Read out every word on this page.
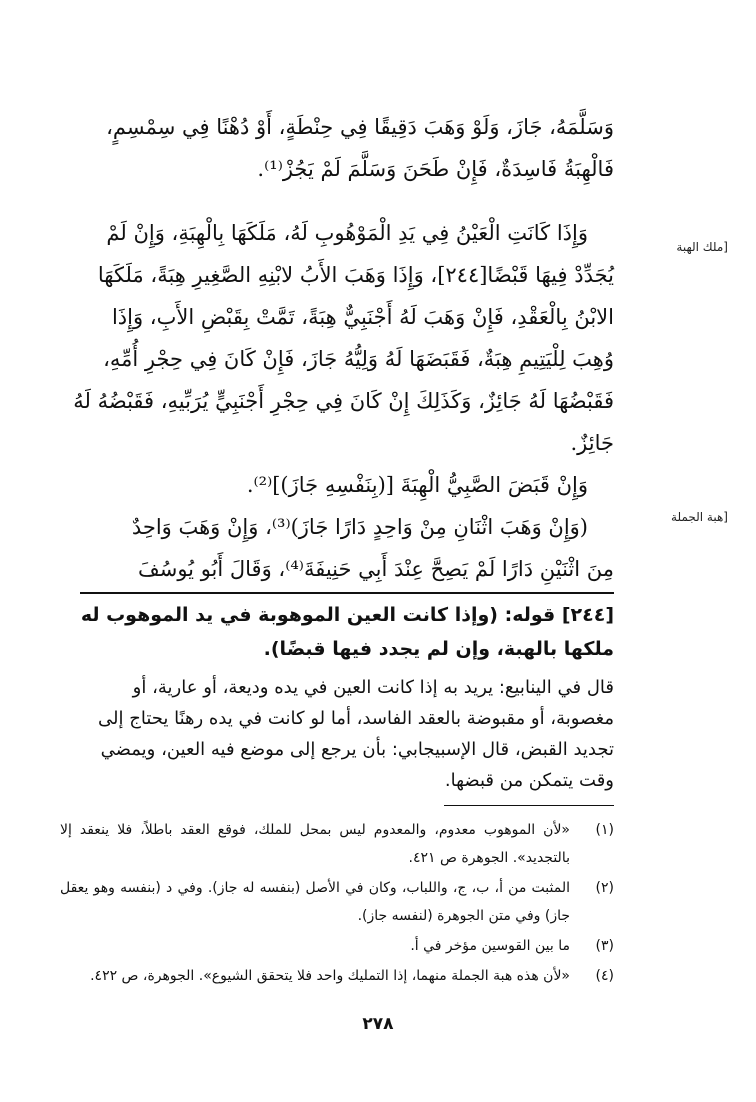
وَسَلَّمَهُ، جَازَ، وَلَوْ وَهَبَ دَقِيقًا فِي حِنْطَةٍ، أَوْ دُهْنًا فِي سِمْسِمٍ،
فَالْهِبَةُ فَاسِدَةٌ، فَإِنْ طَحَنَ وَسَلَّمَ لَمْ يَجُزْ⁽¹⁾.
وَإِذَا كَانَتِ الْعَيْنُ فِي يَدِ الْمَوْهُوبِ لَهُ، مَلَكَهَا بِالْهِبَةِ، وَإِنْ لَمْ
يُجَدِّدْ فِيهَا قَبْضًا[٢٤٤]، وَإِذَا وَهَبَ الأَبُ لابْنِهِ الصَّغِيرِ هِبَةً، مَلَكَهَا
الابْنُ بِالْعَقْدِ، فَإِنْ وَهَبَ لَهُ أَجْنَبِيٌّ هِبَةً، تَمَّتْ بِقَبْضِ الأَبِ، وَإِذَا
وُهِبَ لِلْيَتِيمِ هِبَةٌ، فَقَبَضَهَا لَهُ وَلِيُّهُ جَازَ، فَإِنْ كَانَ فِي حِجْرِ أُمِّهِ،
فَقَبْضُهَا لَهُ جَائِزٌ، وَكَذَلِكَ إِنْ كَانَ فِي حِجْرِ أَجْنَبِيٍّ يُرَبِّيهِ، فَقَبْضُهُ لَهُ
جَائِزٌ.
وَإِنْ قَبَضَ الصَّبِيُّ الْهِبَةَ [(بِنَفْسِهِ جَازَ)]⁽²⁾.
(وَإِنْ وَهَبَ اثْنَانِ مِنْ وَاحِدٍ دَارًا جَازَ)⁽³⁾، وَإِنْ وَهَبَ وَاحِدٌ
مِنَ اثْنَيْنِ دَارًا لَمْ يَصِحَّ عِنْدَ أَبِي حَنِيفَةَ⁽⁴⁾، وَقَالَ أَبُو يُوسُفَ
[ملك الهبة
[هبة الجملة
[٢٤٤] قوله: (وإذا كانت العين الموهوبة في يد الموهوب له ملكها بالهبة، وإن لم يجدد فيها قبضًا).
قال في الينابيع: يريد به إذا كانت العين في يده وديعة، أو عارية، أو مغصوبة، أو مقبوضة بالعقد الفاسد، أما لو كانت في يده رهنًا يحتاج إلى تجديد القبض، قال الإسبيجابي: بأن يرجع إلى موضع فيه العين، ويمضي وقت يتمكن من قبضها.
(١)
«لأن الموهوب معدوم، والمعدوم ليس بمحل للملك، فوقع العقد باطلاً، فلا ينعقد إلا بالتجديد». الجوهرة ص ٤٢١.
(٢)
المثبت من أ، ب، ج، واللباب، وكان في الأصل (بنفسه له جاز). وفي د (بنفسه وهو يعقل جاز) وفي متن الجوهرة (لنفسه جاز).
(٣)
ما بين القوسين مؤخر في أ.
(٤)
«لأن هذه هبة الجملة منهما، إذا التمليك واحد فلا يتحقق الشيوع». الجوهرة، ص ٤٢٢.
٢٧٨
